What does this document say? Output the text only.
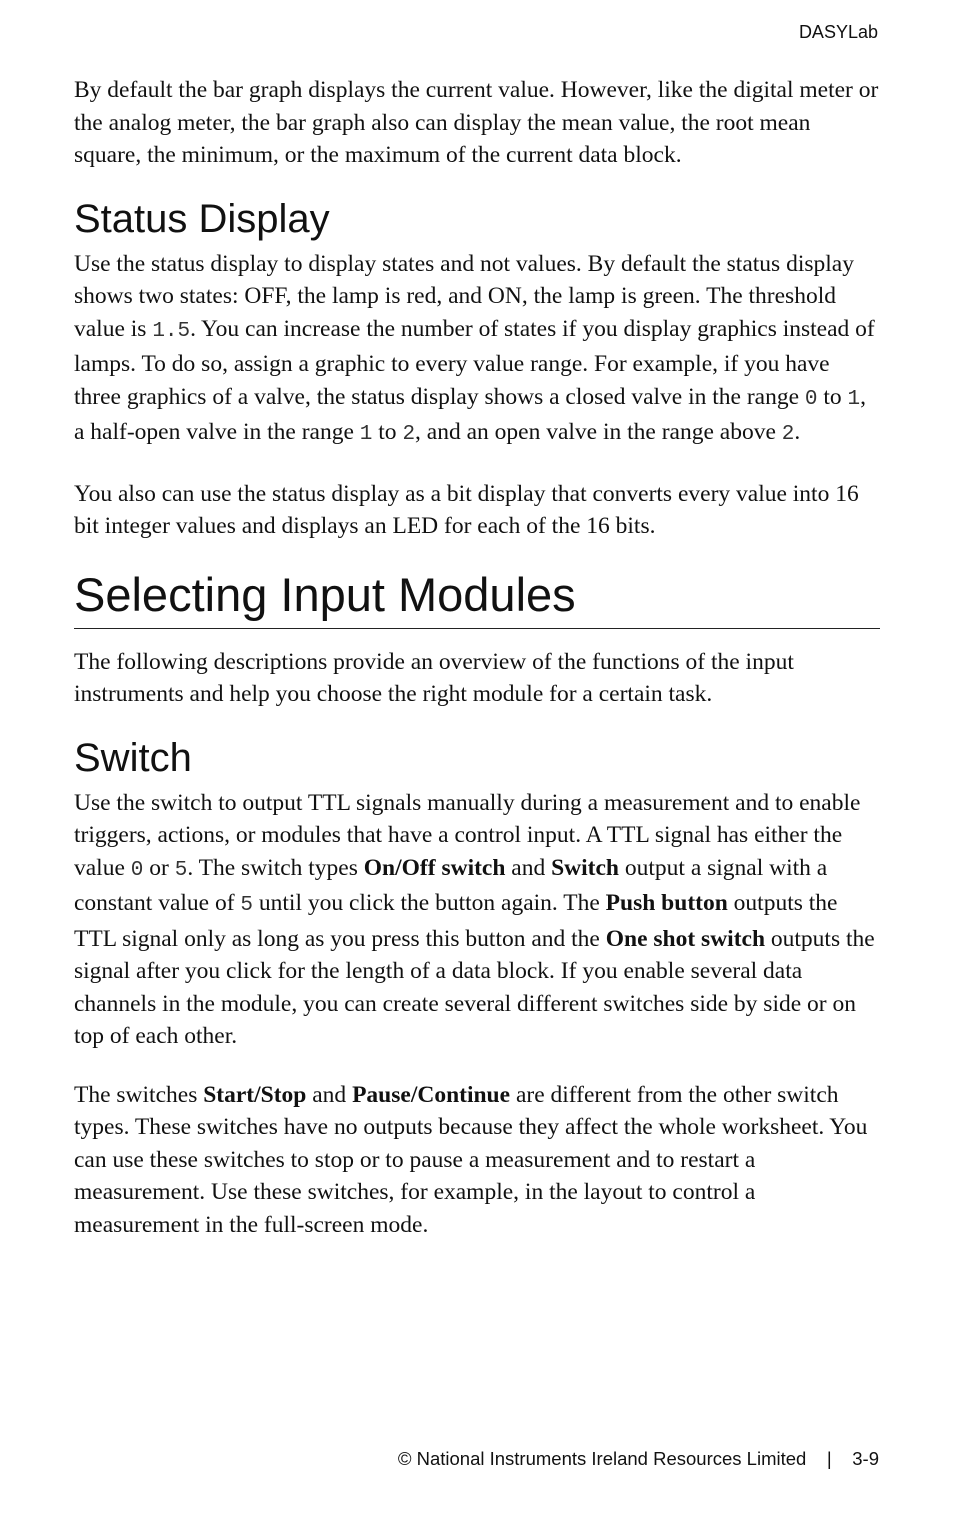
DASYLab

By default the bar graph displays the current value. However, like the digital meter or the analog meter, the bar graph also can display the mean value, the root mean square, the minimum, or the maximum of the current data block.

Status Display

Use the status display to display states and not values. By default the status display shows two states: OFF, the lamp is red, and ON, the lamp is green. The threshold value is 1.5. You can increase the number of states if you display graphics instead of lamps. To do so, assign a graphic to every value range. For example, if you have three graphics of a valve, the status display shows a closed valve in the range 0 to 1, a half-open valve in the range 1 to 2, and an open valve in the range above 2.

You also can use the status display as a bit display that converts every value into 16 bit integer values and displays an LED for each of the 16 bits.

Selecting Input Modules

The following descriptions provide an overview of the functions of the input instruments and help you choose the right module for a certain task.

Switch

Use the switch to output TTL signals manually during a measurement and to enable triggers, actions, or modules that have a control input. A TTL signal has either the value 0 or 5. The switch types On/Off switch and Switch output a signal with a constant value of 5 until you click the button again. The Push button outputs the TTL signal only as long as you press this button and the One shot switch outputs the signal after you click for the length of a data block. If you enable several data channels in the module, you can create several different switches side by side or on top of each other.

The switches Start/Stop and Pause/Continue are different from the other switch types. These switches have no outputs because they affect the whole worksheet. You can use these switches to stop or to pause a measurement and to restart a measurement. Use these switches, for example, in the layout to control a measurement in the full-screen mode.

© National Instruments Ireland Resources Limited | 3-9
